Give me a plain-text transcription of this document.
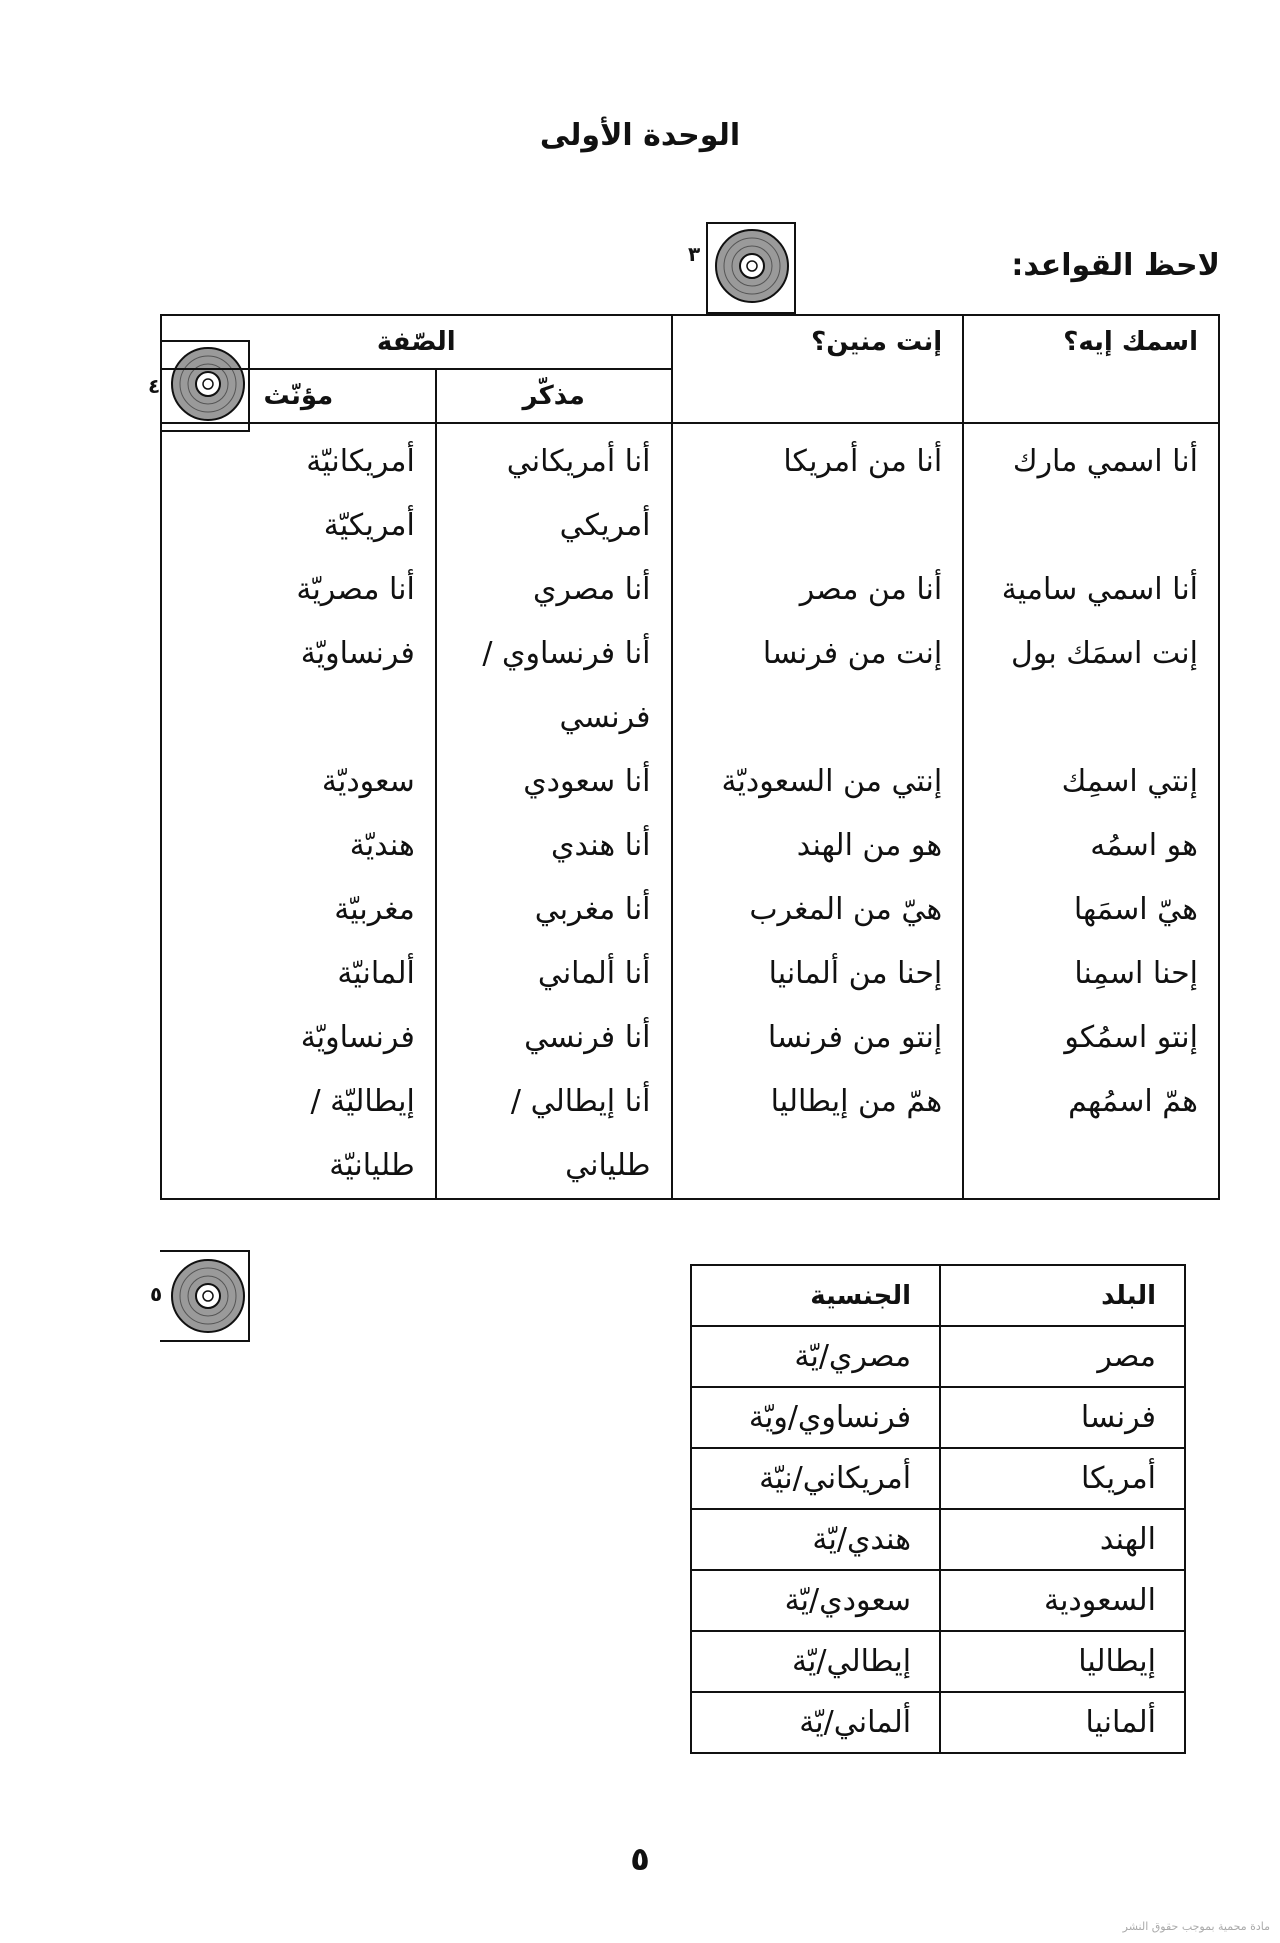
الوحدة الأولى
لاحظ القواعد:
٣
٤
اسمك إيه؟	إنت منين؟	الصّفة	
		مذكّر	مؤنّث
أنا اسمي مارك	أنا من أمريكا	أنا أمريكاني	أمريكانيّة
		أمريكي	أمريكيّة
أنا اسمي سامية	أنا من مصر	أنا مصري	أنا مصريّة
إنت اسمَك بول	إنت من فرنسا	أنا فرنساوي /	فرنساويّة
		فرنسي	
إنتي اسمِك	إنتي من السعوديّة	أنا سعودي	سعوديّة
هو اسمُه	هو من الهند	أنا هندي	هنديّة
هيّ اسمَها	هيّ من المغرب	أنا مغربي	مغربيّة
إحنا اسمِنا	إحنا من ألمانيا	أنا ألماني	ألمانيّة
إنتو اسمُكو	إنتو من فرنسا	أنا فرنسي	فرنساويّة
همّ اسمُهم	همّ من إيطاليا	أنا إيطالي /	إيطاليّة /
		طلياني	طليانيّة
٥	البلد	الجنسية
مصر	مصري/يّة
فرنسا	فرنساوي/ويّة
أمريكا	أمريكاني/نيّة
الهند	هندي/يّة
السعودية	سعودي/يّة
إيطاليا	إيطالي/يّة
ألمانيا	ألماني/يّة
٥
مادة محمية بموجب حقوق النشر
